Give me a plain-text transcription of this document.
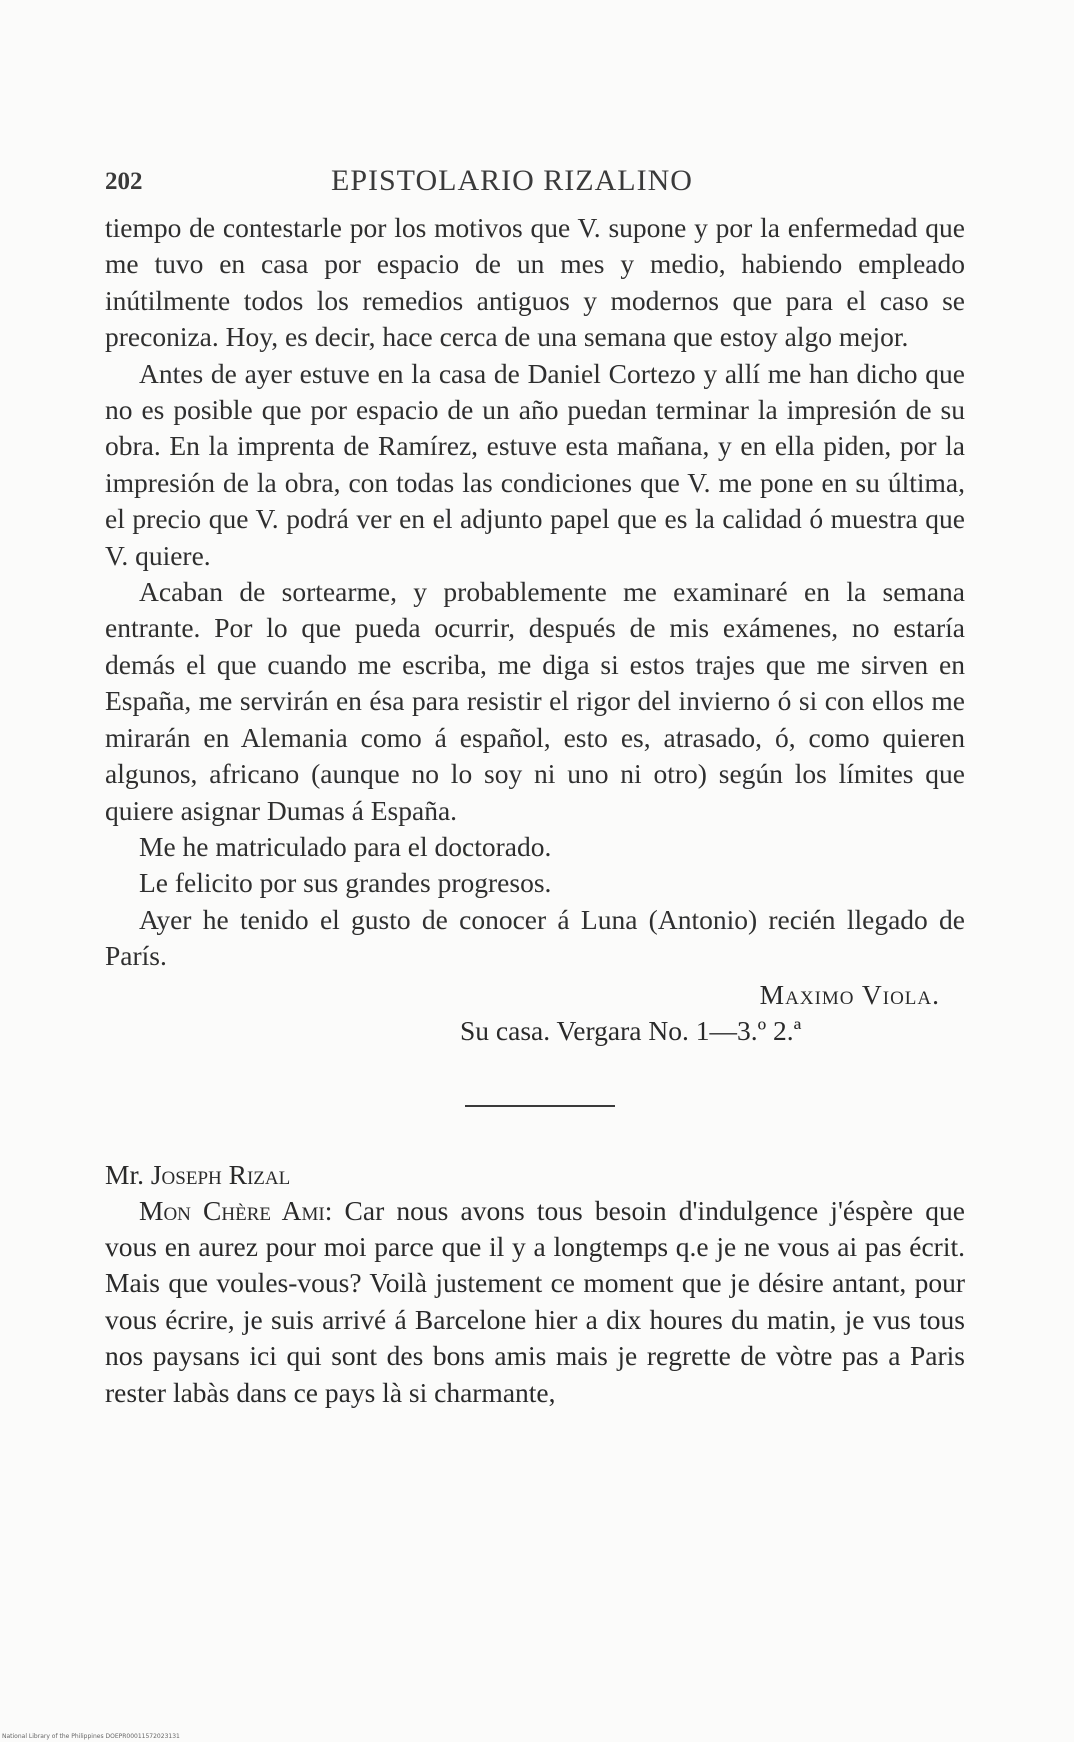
202	EPISTOLARIO RIZALINO

tiempo de contestarle por los motivos que V. supone y por la enfermedad que me tuvo en casa por espacio de un mes y medio, habiendo empleado inútilmente todos los remedios antiguos y modernos que para el caso se preconiza. Hoy, es decir, hace cerca de una semana que estoy algo mejor.

Antes de ayer estuve en la casa de Daniel Cortezo y allí me han dicho que no es posible que por espacio de un año puedan terminar la impresión de su obra. En la imprenta de Ramírez, estuve esta mañana, y en ella piden, por la impresión de la obra, con todas las condiciones que V. me pone en su última, el precio que V. podrá ver en el adjunto papel que es la calidad ó muestra que V. quiere.

Acaban de sortearme, y probablemente me examinaré en la semana entrante. Por lo que pueda ocurrir, después de mis exámenes, no estaría demás el que cuando me escriba, me diga si estos trajes que me sirven en España, me servirán en ésa para resistir el rigor del invierno ó si con ellos me mirarán en Alemania como á español, esto es, atrasado, ó, como quieren algunos, africano (aunque no lo soy ni uno ni otro) según los límites que quiere asignar Dumas á España.

Me he matriculado para el doctorado.

Le felicito por sus grandes progresos.

Ayer he tenido el gusto de conocer á Luna (Antonio) recién llegado de París.

Maximo Viola.
Su casa. Vergara No. 1—3.º 2.ª
Mr. Joseph Rizal

Mon Chère Ami: Car nous avons tous besoin d'indulgence j'éspère que vous en aurez pour moi parce que il y a longtemps q.e je ne vous ai pas écrit. Mais que voules-vous? Voilà justement ce moment que je désire antant, pour vous écrire, je suis arrivé á Barcelone hier a dix houres du matin, je vus tous nos paysans ici qui sont des bons amis mais je regrette de vòtre pas a Paris rester labàs dans ce pays là si charmante,

National Library of the Philippines DOEPR00011572023131
